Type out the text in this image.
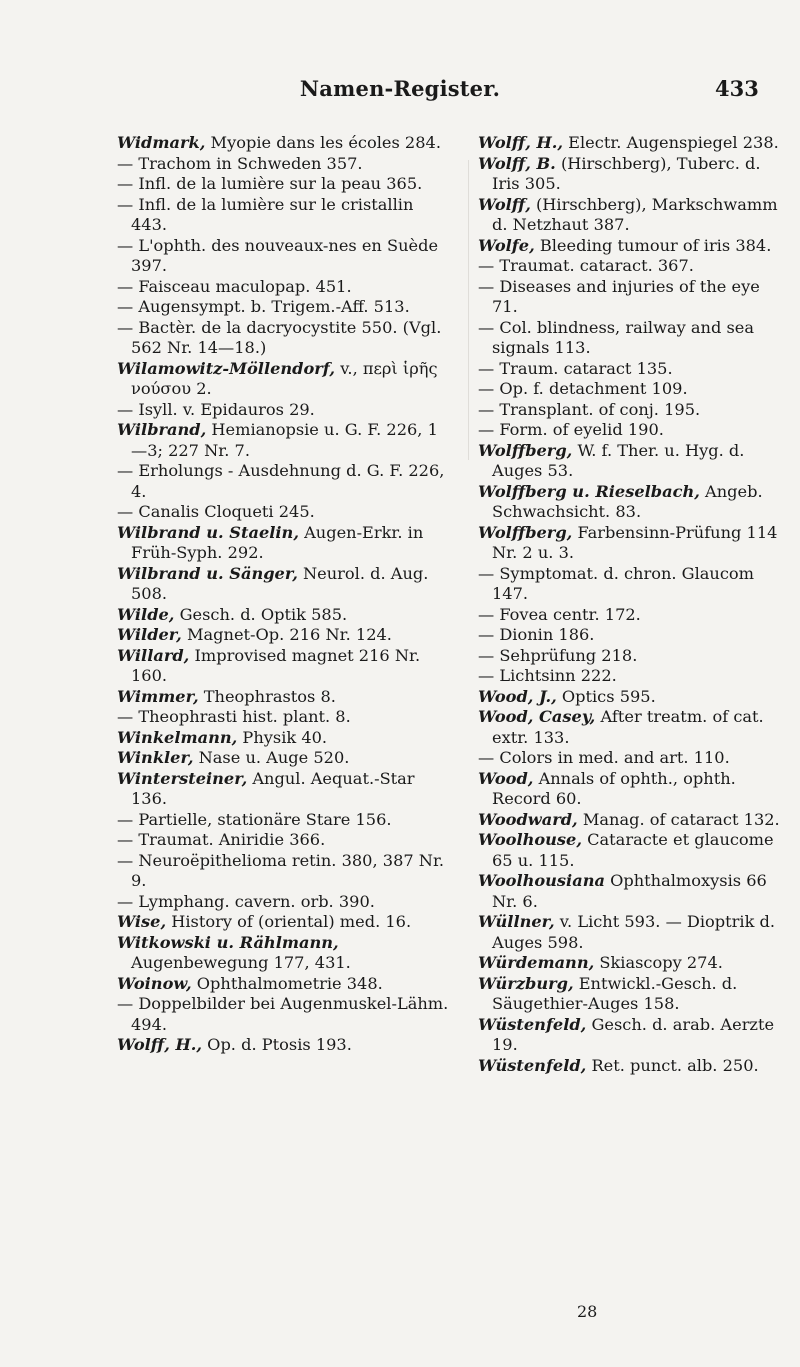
Namen-Register.	433

Widmark, Myopie dans les écoles 284.

— Trachom in Schweden 357.

— Infl. de la lumière sur la peau 365.

— Infl. de la lumière sur le cristallin 443.

— L'ophth. des nouveaux-nes en Suède 397.

— Faisceau maculopap. 451.

— Augensympt. b. Trigem.-Aff. 513.

— Bactèr. de la dacryocystite 550. (Vgl. 562 Nr. 14—18.)

Wilamowitz-Möllendorf, v., περὶ ἱρῆς νούσου 2.

— Isyll. v. Epidauros 29.

Wilbrand, Hemianopsie u. G. F. 226, 1—3; 227 Nr. 7.

— Erholungs - Ausdehnung d. G. F. 226, 4.

— Canalis Cloqueti 245.

Wilbrand u. Staelin, Augen-Erkr. in Früh-Syph. 292.

Wilbrand u. Sänger, Neurol. d. Aug. 508.

Wilde, Gesch. d. Optik 585.

Wilder, Magnet-Op. 216 Nr. 124.

Willard, Improvised magnet 216 Nr. 160.

Wimmer, Theophrastos 8.

— Theophrasti hist. plant. 8.

Winkelmann, Physik 40.

Winkler, Nase u. Auge 520.

Wintersteiner, Angul. Aequat.-Star 136.

— Partielle, stationäre Stare 156.

— Traumat. Aniridie 366.

— Neuroëpithelioma retin. 380, 387 Nr. 9.

— Lymphang. cavern. orb. 390.

Wise, History of (oriental) med. 16.

Witkowski u. Rählmann, Augenbewegung 177, 431.

Woinow, Ophthalmometrie 348.

— Doppelbilder bei Augenmuskel-Lähm. 494.

Wolff, H., Op. d. Ptosis 193.

Wolff, H., Electr. Augenspiegel 238.

Wolff, B. (Hirschberg), Tuberc. d. Iris 305.

Wolff, (Hirschberg), Markschwamm d. Netzhaut 387.

Wolfe, Bleeding tumour of iris 384.

— Traumat. cataract. 367.

— Diseases and injuries of the eye 71.

— Col. blindness, railway and sea signals 113.

— Traum. cataract 135.

— Op. f. detachment 109.

— Transplant. of conj. 195.

— Form. of eyelid 190.

Wolffberg, W. f. Ther. u. Hyg. d. Auges 53.

Wolffberg u. Rieselbach, Angeb. Schwachsicht. 83.

Wolffberg, Farbensinn-Prüfung 114 Nr. 2 u. 3.

— Symptomat. d. chron. Glaucom 147.

— Fovea centr. 172.

— Dionin 186.

— Sehprüfung 218.

— Lichtsinn 222.

Wood, J., Optics 595.

Wood, Casey, After treatm. of cat. extr. 133.

— Colors in med. and art. 110.

Wood, Annals of ophth., ophth. Record 60.

Woodward, Manag. of cataract 132.

Woolhouse, Cataracte et glaucome 65 u. 115.

Woolhousiana Ophthalmoxysis 66 Nr. 6.

Wüllner, v. Licht 593. — Dioptrik d. Auges 598.

Würdemann, Skiascopy 274.

Würzburg, Entwickl.-Gesch. d. Säugethier-Auges 158.

Wüstenfeld, Gesch. d. arab. Aerzte 19.

Wüstenfeld, Ret. punct. alb. 250.

28
